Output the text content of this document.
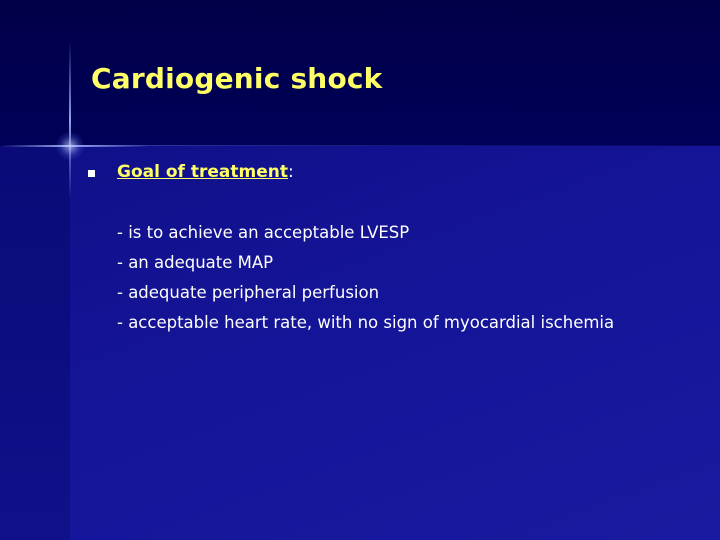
Cardiogenic shock
Goal of treatment :
- is to achieve an acceptable LVESP
- an adequate MAP
- adequate peripheral perfusion
- acceptable heart rate, with no sign of myocardial ischemia
